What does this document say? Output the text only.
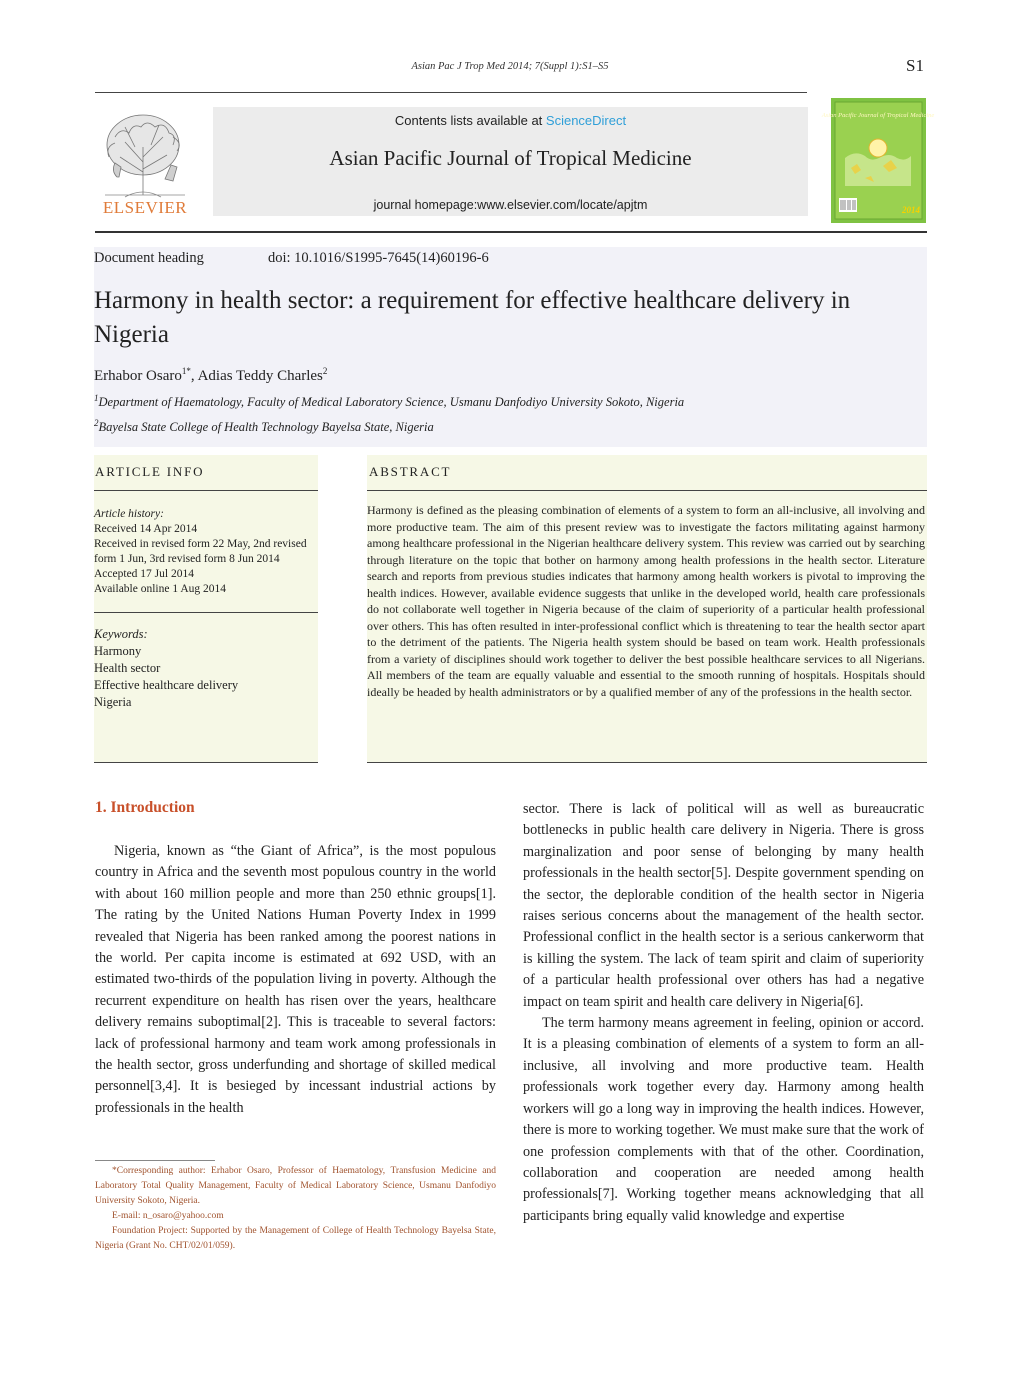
Asian Pac J Trop Med 2014; 7(Suppl 1):S1–S5	S1
ELSEVIER
Contents lists available at ScienceDirect
Asian Pacific Journal of Tropical Medicine
journal homepage:www.elsevier.com/locate/apjtm
Asian Pacific Journal of Tropical Medicine
2014
Document heading	doi: 10.1016/S1995-7645(14)60196-6
Harmony in health sector: a requirement for effective healthcare delivery in Nigeria
Erhabor Osaro$^{1*}$, Adias Teddy Charles$^2$
$^1$Department of Haematology, Faculty of Medical Laboratory Science, Usmanu Danfodiyo University Sokoto, Nigeria
$^2$Bayelsa State College of Health Technology Bayelsa State, Nigeria
ARTICLE INFO	ABSTRACT
Article history:
Received 14 Apr 2014
Received in revised form 22 May, 2nd revised form 1 Jun, 3rd revised form 8 Jun 2014
Accepted 17 Jul 2014
Available online 1 Aug 2014
Keywords:
Harmony
Health sector
Effective healthcare delivery
Nigeria
Harmony is defined as the pleasing combination of elements of a system to form an all-inclusive, all involving and more productive team. The aim of this present review was to investigate the factors militating against harmony among healthcare professional in the Nigerian healthcare delivery system. This review was carried out by searching through literature on the topic that bother on harmony among health professions in the health sector. Literature search and reports from previous studies indicates that harmony among health workers is pivotal to improving the health indices. However, available evidence suggests that unlike in the developed world, health care professionals do not collaborate well together in Nigeria because of the claim of superiority of a particular health professional over others. This has often resulted in inter-professional conflict which is threatening to tear the health sector apart to the detriment of the patients. The Nigeria health system should be based on team work. Health professionals from a variety of disciplines should work together to deliver the best possible healthcare services to all Nigerians. All members of the team are equally valuable and essential to the smooth running of hospitals. Hospitals should ideally be headed by health administrators or by a qualified member of any of the professions in the health sector.
1. Introduction

Nigeria, known as “the Giant of Africa”, is the most populous country in Africa and the seventh most populous country in the world with about 160 million people and more than 250 ethnic groups[1]. The rating by the United Nations Human Poverty Index in 1999 revealed that Nigeria has been ranked among the poorest nations in the world. Per capita income is estimated at 692 USD, with an estimated two-thirds of the population living in poverty. Although the recurrent expenditure on health has risen over the years, healthcare delivery remains suboptimal[2]. This is traceable to several factors: lack of professional harmony and team work among professionals in the health sector, gross underfunding and shortage of skilled medical personnel[3,4]. It is besieged by incessant industrial actions by professionals in the health

sector. There is lack of political will as well as bureaucratic bottlenecks in public health care delivery in Nigeria. There is gross marginalization and poor sense of belonging by many health professionals in the health sector[5]. Despite government spending on the sector, the deplorable condition of the health sector in Nigeria raises serious concerns about the management of the health sector. Professional conflict in the health sector is a serious cankerworm that is killing the system. The lack of team spirit and claim of superiority of a particular health professional over others has had a negative impact on team spirit and health care delivery in Nigeria[6].

The term harmony means agreement in feeling, opinion or accord. It is a pleasing combination of elements of a system to form an all-inclusive, all involving and more productive team. Health professionals work together every day. Harmony among health workers will go a long way in improving the health indices. However, there is more to working together. We must make sure that the work of one profession complements with that of the other. Coordination, collaboration and cooperation are needed among health professionals[7]. Working together means acknowledging that all participants bring equally valid knowledge and expertise

*Corresponding author: Erhabor Osaro, Professor of Haematology, Transfusion Medicine and Laboratory Total Quality Management, Faculty of Medical Laboratory Science, Usmanu Danfodiyo University Sokoto, Nigeria.

E-mail: n_osaro@yahoo.com

Foundation Project: Supported by the Management of College of Health Technology Bayelsa State, Nigeria (Grant No. CHT/02/01/059).
